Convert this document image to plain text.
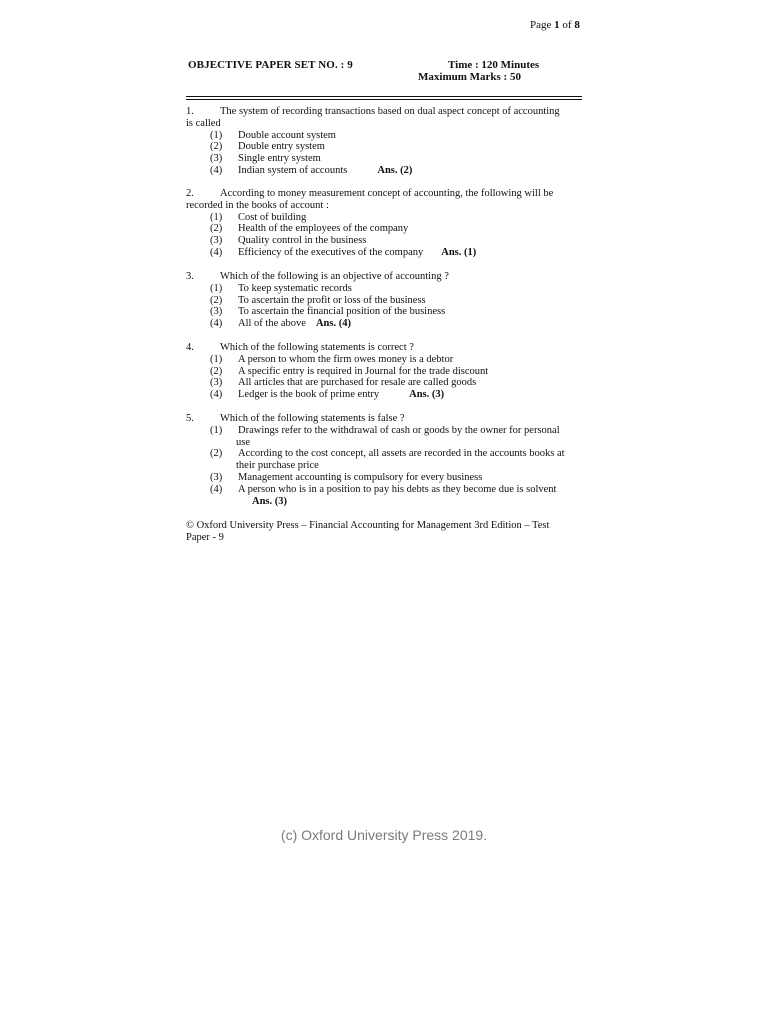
Page 1 of 8
OBJECTIVE PAPER SET NO. : 9	Time : 120 Minutes
Maximum Marks : 50
1.	The system of recording transactions based on dual aspect concept of accounting
is called
(1)	Double account system
(2)	Double entry system
(3)	Single entry system
(4)	Indian system of accounts	Ans. (2)
2.	According to money measurement concept of accounting, the following will be
recorded in the books of account :
(1)	Cost of building
(2)	Health of the employees of the company
(3)	Quality control in the business
(4)	Efficiency of the executives of the company Ans. (1)
3.	Which of the following is an objective of accounting ?
(1)	To keep systematic records
(2)	To ascertain the profit or loss of the business
(3)	To ascertain the financial position of the business
(4)	All of the above Ans. (4)
4.	Which of the following statements is correct ?
(1)	A person to whom the firm owes money is a debtor
(2)	A specific entry is required in Journal for the trade discount
(3)	All articles that are purchased for resale are called goods
(4)	Ledger is the book of prime entry	Ans. (3)
5.	Which of the following statements is false ?
(1)	Drawings refer to the withdrawal of cash or goods by the owner for personal
use
(2)	According to the cost concept, all assets are recorded in the accounts books at
their purchase price
(3)	Management accounting is compulsory for every business
(4)	A person who is in a position to pay his debts as they become due is solvent
Ans. (3)
© Oxford University Press – Financial Accounting for Management 3rd Edition – Test
Paper - 9
(c) Oxford University Press 2019.
